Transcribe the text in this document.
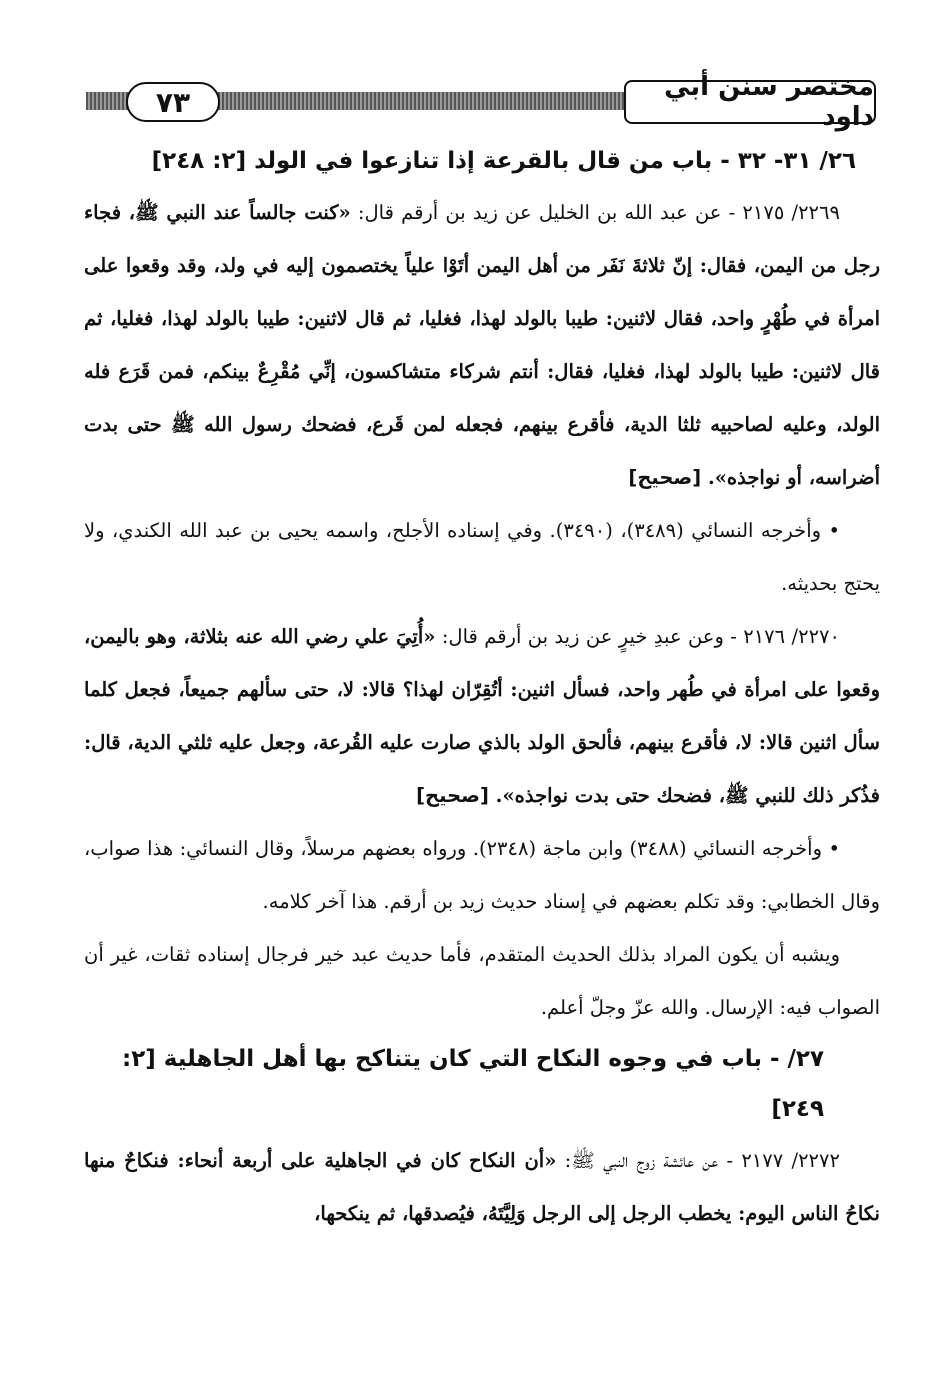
٧٣	مختصر سنن أبي داود

٢٦/ ٣١- ٣٢ - باب من قال بالقرعة إذا تنازعوا في الولد [٢: ٢٤٨]

٢٢٦٩/ ٢١٧٥ - عن عبد الله بن الخليل عن زيد بن أرقم قال: «كنت جالساً عند النبي ﷺ، فجاء رجل من اليمن، فقال: إنّ ثلاثةَ نَفَر من أهل اليمن أتَوْا علياً يختصمون إليه في ولد، وقد وقعوا على امرأة في طُهْرٍ واحد، فقال لاثنين: طيبا بالولد لهذا، فغليا، ثم قال لاثنين: طيبا بالولد لهذا، فغليا، ثم قال لاثنين: طيبا بالولد لهذا، فغليا، فقال: أنتم شركاء متشاكسون، إنِّي مُقْرِعٌ بينكم، فمن قَرَع فله الولد، وعليه لصاحبيه ثلثا الدية، فأقرع بينهم، فجعله لمن قَرع، فضحك رسول الله ﷺ حتى بدت أضراسه، أو نواجذه». [صحيح]

• وأخرجه النسائي (٣٤٨٩)، (٣٤٩٠). وفي إسناده الأجلح، واسمه يحيى بن عبد الله الكندي، ولا يحتج بحديثه.

٢٢٧٠/ ٢١٧٦ - وعن عبدِ خيرٍ عن زيد بن أرقم قال: «أُتِيَ علي رضي الله عنه بثلاثة، وهو باليمن، وقعوا على امرأة في طُهر واحد، فسأل اثنين: أتُقِرّان لهذا؟ قالا: لا، حتى سألهم جميعاً، فجعل كلما سأل اثنين قالا: لا، فأقرع بينهم، فألحق الولد بالذي صارت عليه القُرعة، وجعل عليه ثلثي الدية، قال: فذُكر ذلك للنبي ﷺ، فضحك حتى بدت نواجذه». [صحيح]

• وأخرجه النسائي (٣٤٨٨) وابن ماجة (٢٣٤٨). ورواه بعضهم مرسلاً، وقال النسائي: هذا صواب، وقال الخطابي: وقد تكلم بعضهم في إسناد حديث زيد بن أرقم. هذا آخر كلامه.

ويشبه أن يكون المراد بذلك الحديث المتقدم، فأما حديث عبد خير فرجال إسناده ثقات، غير أن الصواب فيه: الإرسال. والله عزّ وجلّ أعلم.

٢٧/ - باب في وجوه النكاح التي كان يتناكح بها أهل الجاهلية [٢: ٢٤٩]

٢٢٧٢/ ٢١٧٧ - عن عائشة زوج النبي ﷺ: «أن النكاح كان في الجاهلية على أربعة أنحاء: فنكاحٌ منها نكاحُ الناس اليوم: يخطب الرجل إلى الرجل وَلِيَّتَهُ، فيُصدقها، ثم ينكحها،
